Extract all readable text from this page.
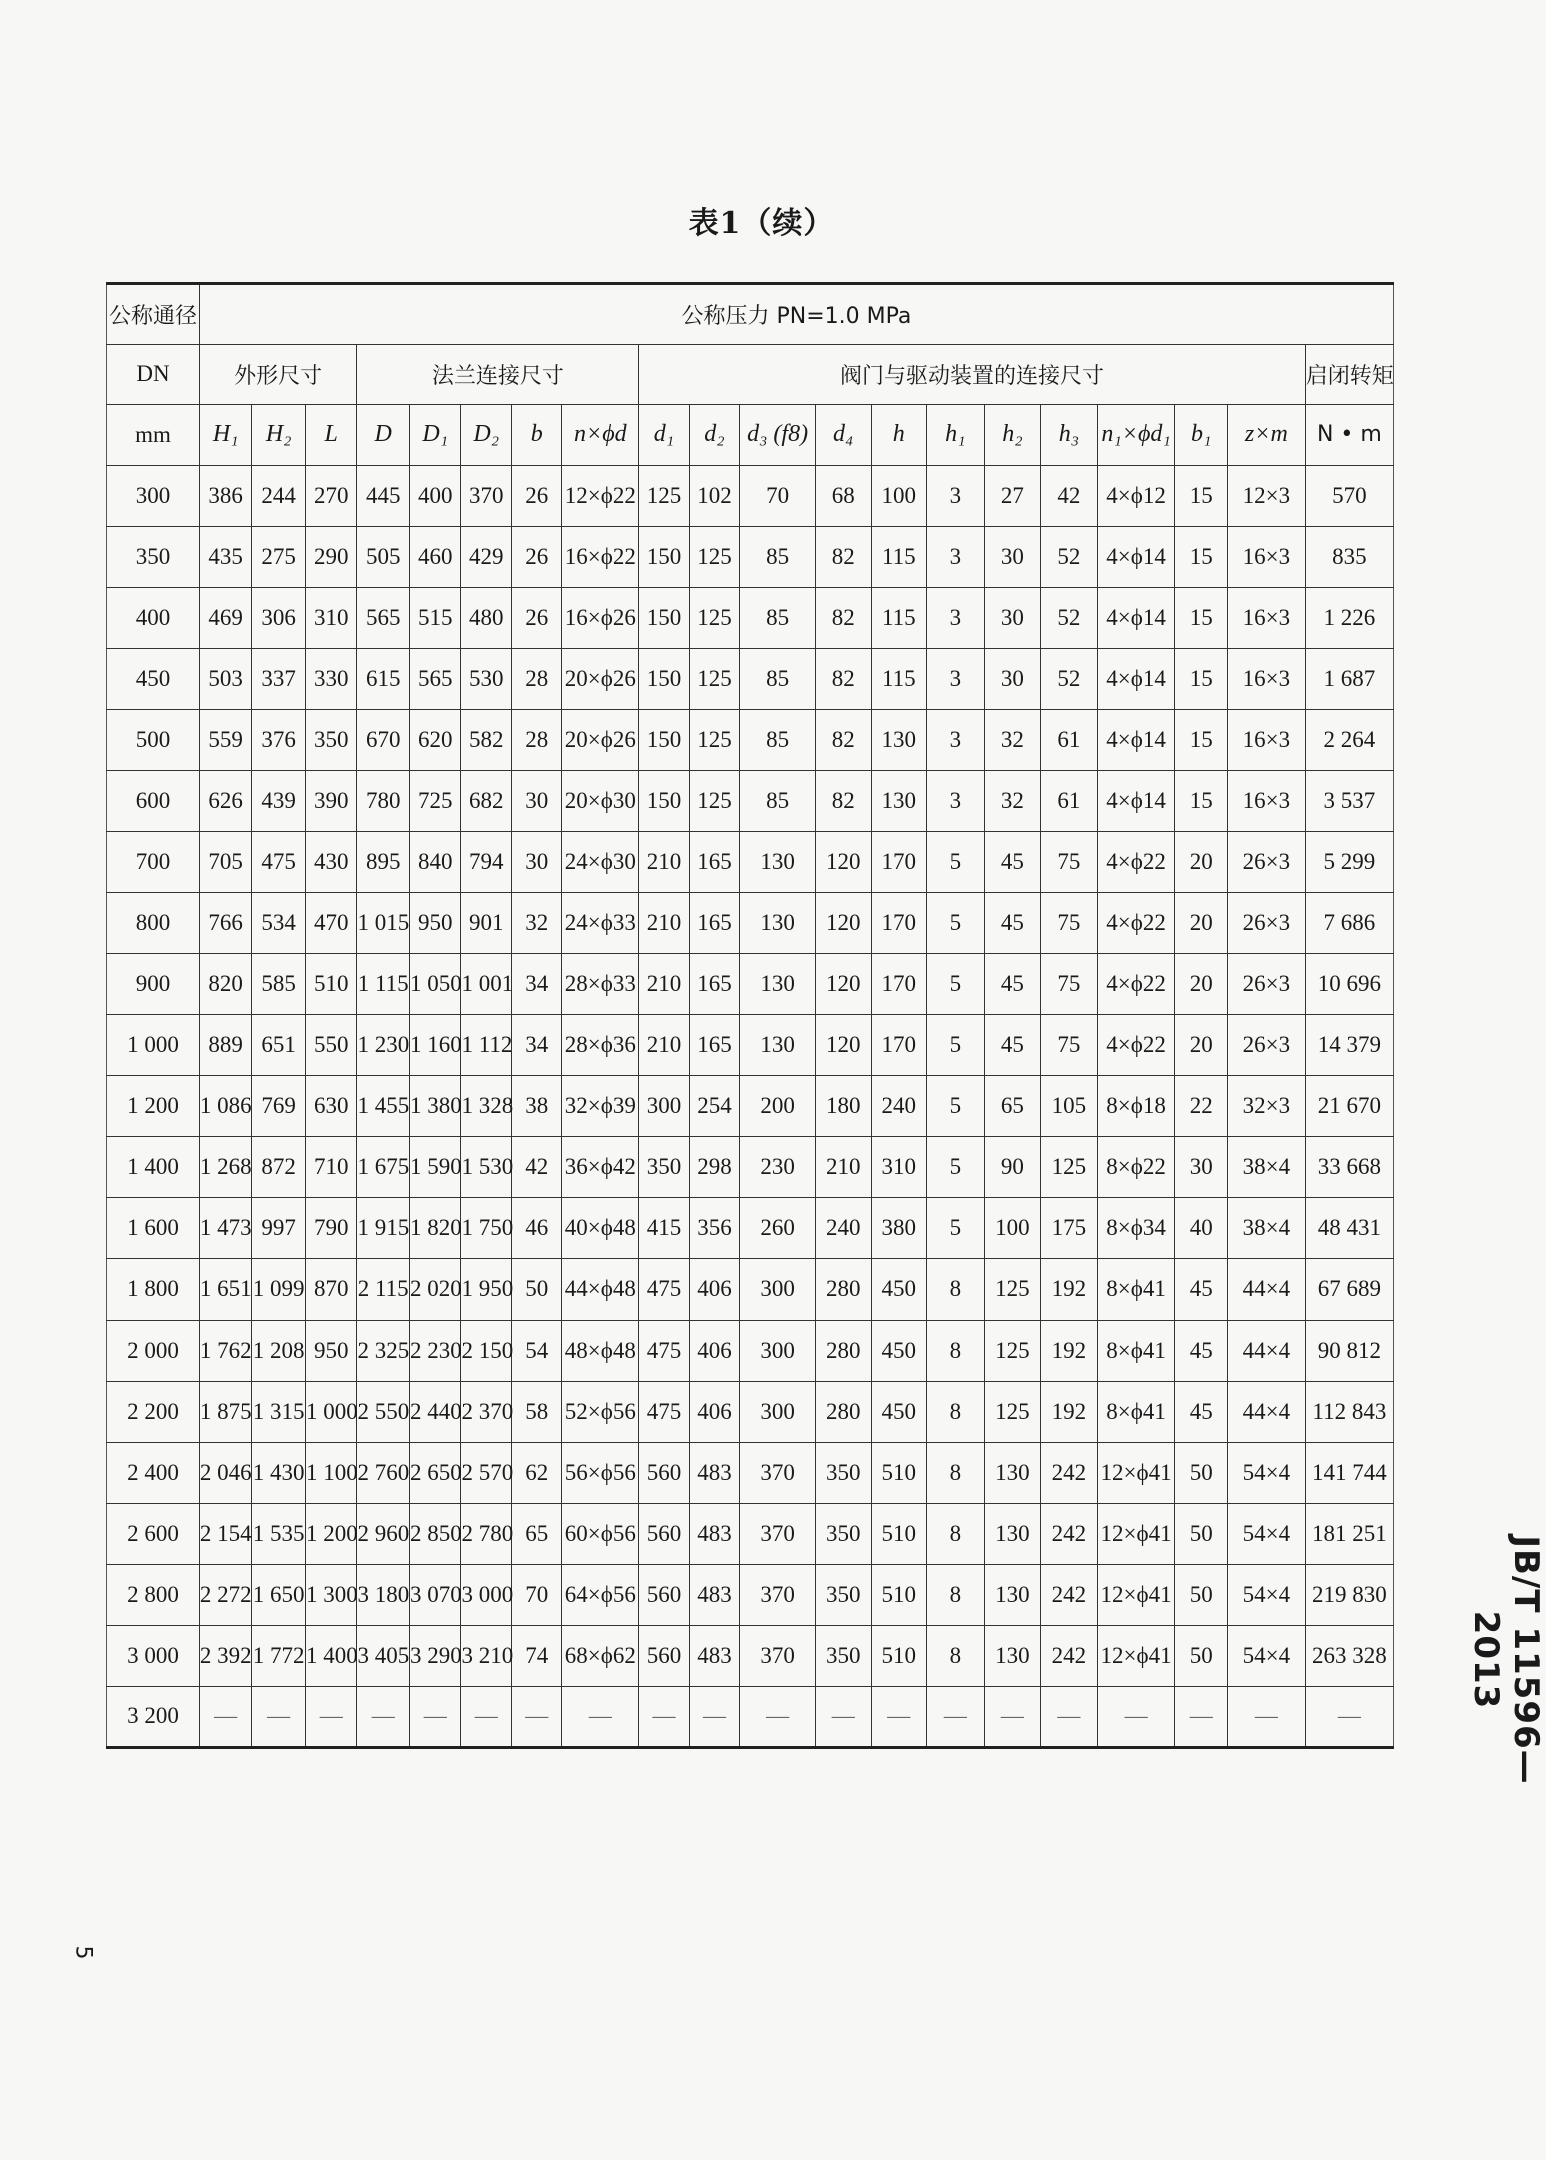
表1（续）
公称通径	公称压力 PN=1.0 MPa																			
DN	外形尺寸			法兰连接尺寸					阀门与驱动装置的连接尺寸											启闭转矩
mm	H₁	H₂	L	D	D₁	D₂	b	n×ϕd	d₁	d₂	d₃ (f8)	d₄	h	h₁	h₂	h₃	n₁×ϕd₁	b₁	z×m	N • m
300	386	244	270	445	400	370	26	12×ϕ22	125	102	70	68	100	3	27	42	4×ϕ12	15	12×3	570
350	435	275	290	505	460	429	26	16×ϕ22	150	125	85	82	115	3	30	52	4×ϕ14	15	16×3	835
400	469	306	310	565	515	480	26	16×ϕ26	150	125	85	82	115	3	30	52	4×ϕ14	15	16×3	1 226
450	503	337	330	615	565	530	28	20×ϕ26	150	125	85	82	115	3	30	52	4×ϕ14	15	16×3	1 687
500	559	376	350	670	620	582	28	20×ϕ26	150	125	85	82	130	3	32	61	4×ϕ14	15	16×3	2 264
600	626	439	390	780	725	682	30	20×ϕ30	150	125	85	82	130	3	32	61	4×ϕ14	15	16×3	3 537
700	705	475	430	895	840	794	30	24×ϕ30	210	165	130	120	170	5	45	75	4×ϕ22	20	26×3	5 299
800	766	534	470	1 015	950	901	32	24×ϕ33	210	165	130	120	170	5	45	75	4×ϕ22	20	26×3	7 686
900	820	585	510	1 115	1 050	1 001	34	28×ϕ33	210	165	130	120	170	5	45	75	4×ϕ22	20	26×3	10 696
1 000	889	651	550	1 230	1 160	1 112	34	28×ϕ36	210	165	130	120	170	5	45	75	4×ϕ22	20	26×3	14 379
1 200	1 086	769	630	1 455	1 380	1 328	38	32×ϕ39	300	254	200	180	240	5	65	105	8×ϕ18	22	32×3	21 670
1 400	1 268	872	710	1 675	1 590	1 530	42	36×ϕ42	350	298	230	210	310	5	90	125	8×ϕ22	30	38×4	33 668
1 600	1 473	997	790	1 915	1 820	1 750	46	40×ϕ48	415	356	260	240	380	5	100	175	8×ϕ34	40	38×4	48 431
1 800	1 651	1 099	870	2 115	2 020	1 950	50	44×ϕ48	475	406	300	280	450	8	125	192	8×ϕ41	45	44×4	67 689
2 000	1 762	1 208	950	2 325	2 230	2 150	54	48×ϕ48	475	406	300	280	450	8	125	192	8×ϕ41	45	44×4	90 812
2 200	1 875	1 315	1 000	2 550	2 440	2 370	58	52×ϕ56	475	406	300	280	450	8	125	192	8×ϕ41	45	44×4	112 843
2 400	2 046	1 430	1 100	2 760	2 650	2 570	62	56×ϕ56	560	483	370	350	510	8	130	242	12×ϕ41	50	54×4	141 744
2 600	2 154	1 535	1 200	2 960	2 850	2 780	65	60×ϕ56	560	483	370	350	510	8	130	242	12×ϕ41	50	54×4	181 251
2 800	2 272	1 650	1 300	3 180	3 070	3 000	70	64×ϕ56	560	483	370	350	510	8	130	242	12×ϕ41	50	54×4	219 830
3 000	2 392	1 772	1 400	3 405	3 290	3 210	74	68×ϕ62	560	483	370	350	510	8	130	242	12×ϕ41	50	54×4	263 328
3 200	—	—	—	—	—	—	—	—	—	—	—	—	—	—	—	—	—	—	—	—	JB/T 11596—2013
5
